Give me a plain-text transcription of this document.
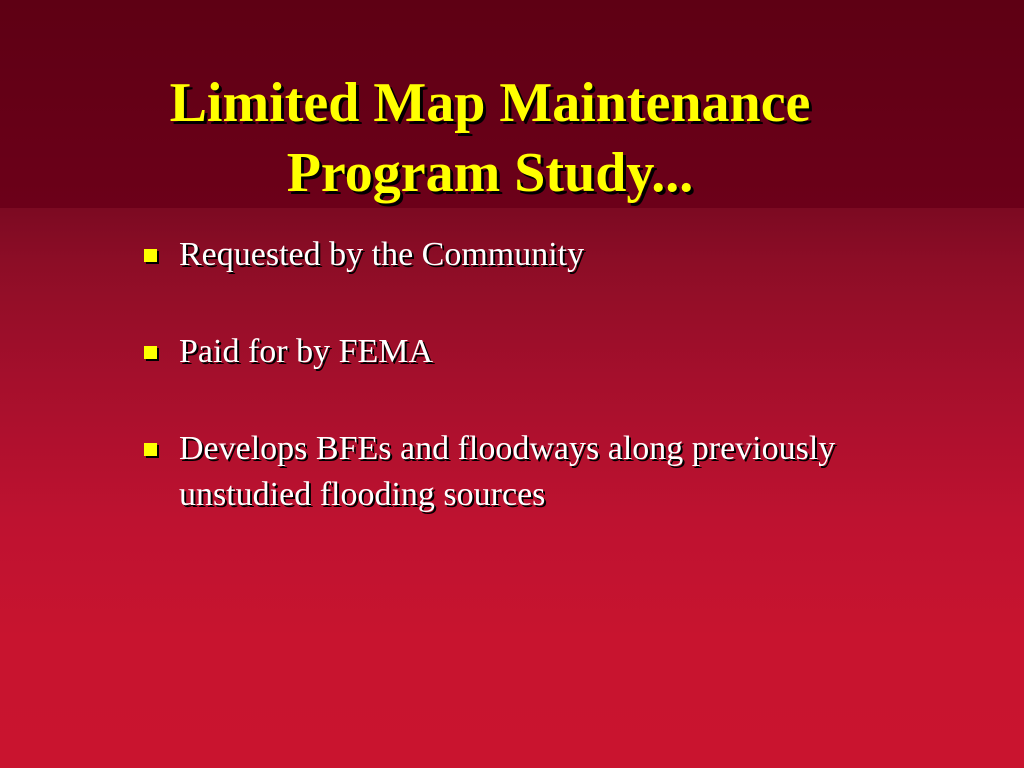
Limited Map Maintenance
Program Study...
Requested by the Community
Paid for by FEMA
Develops BFEs and floodways along previously unstudied flooding sources
